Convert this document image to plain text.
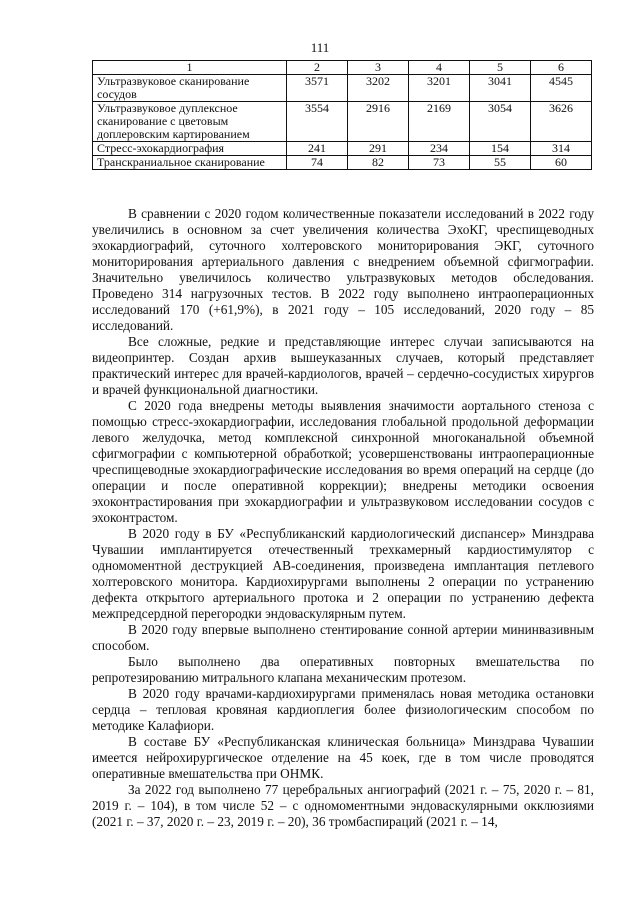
111
1	2	3	4	5	6
Ультразвуковое сканирование сосудов	3571	3202	3201	3041	4545
Ультразвуковое дуплексное сканирование с цветовым доплеровским картированием	3554	2916	2169	3054	3626
Стресс-эхокардиография	241	291	234	154	314
Транскраниальное сканирование	74	82	73	55	60

В сравнении с 2020 годом количественные показатели исследований в 2022 году увеличились в основном за счет увеличения количества ЭхоКГ, чреспищеводных эхокардиографий, суточного холтеровского мониторирования ЭКГ, суточного мониторирования артериального давления с внедрением объемной сфигмографии. Значительно увеличилось количество ультразвуковых методов обследования. Проведено 314 нагрузочных тестов. В 2022 году выполнено интраоперационных исследований 170 (+61,9%), в 2021 году – 105 исследований, 2020 году – 85 исследований.

Все сложные, редкие и представляющие интерес случаи записываются на видеопринтер. Создан архив вышеуказанных случаев, который представляет практический интерес для врачей-кардиологов, врачей – сердечно-сосудистых хирургов и врачей функциональной диагностики.

С 2020 года внедрены методы выявления значимости аортального стеноза с помощью стресс-эхокардиографии, исследования глобальной продольной деформации левого желудочка, метод комплексной синхронной многоканальной объемной сфигмографии с компьютерной обработкой; усовершенствованы интраоперационные чреспищеводные эхокардиографические исследования во время операций на сердце (до операции и после оперативной коррекции); внедрены методики освоения эхоконтрастирования при эхокардиографии и ультразвуковом исследовании сосудов с эхоконтрастом.

В 2020 году в БУ «Республиканский кардиологический диспансер» Минздрава Чувашии имплантируется отечественный трехкамерный кардиостимулятор с одномоментной деструкцией АВ-соединения, произведена имплантация петлевого холтеровского монитора. Кардиохирургами выполнены 2 операции по устранению дефекта открытого артериального протока и 2 операции по устранению дефекта межпредсердной перегородки эндоваскулярным путем.

В 2020 году впервые выполнено стентирование сонной артерии мининвазивным способом.

Было выполнено два оперативных повторных вмешательства по репротезированию митрального клапана механическим протезом.

В 2020 году врачами-кардиохирургами применялась новая методика остановки сердца – тепловая кровяная кардиоплегия более физиологическим способом по методике Калафиори.

В составе БУ «Республиканская клиническая больница» Минздрава Чувашии имеется нейрохирургическое отделение на 45 коек, где в том числе проводятся оперативные вмешательства при ОНМК.

За 2022 год выполнено 77 церебральных ангиографий (2021 г. – 75, 2020 г. – 81, 2019 г. – 104), в том числе 52 – с одномоментными эндоваскулярными окклюзиями (2021 г. – 37, 2020 г. – 23, 2019 г. – 20), 36 тромбаспираций (2021 г. – 14,
